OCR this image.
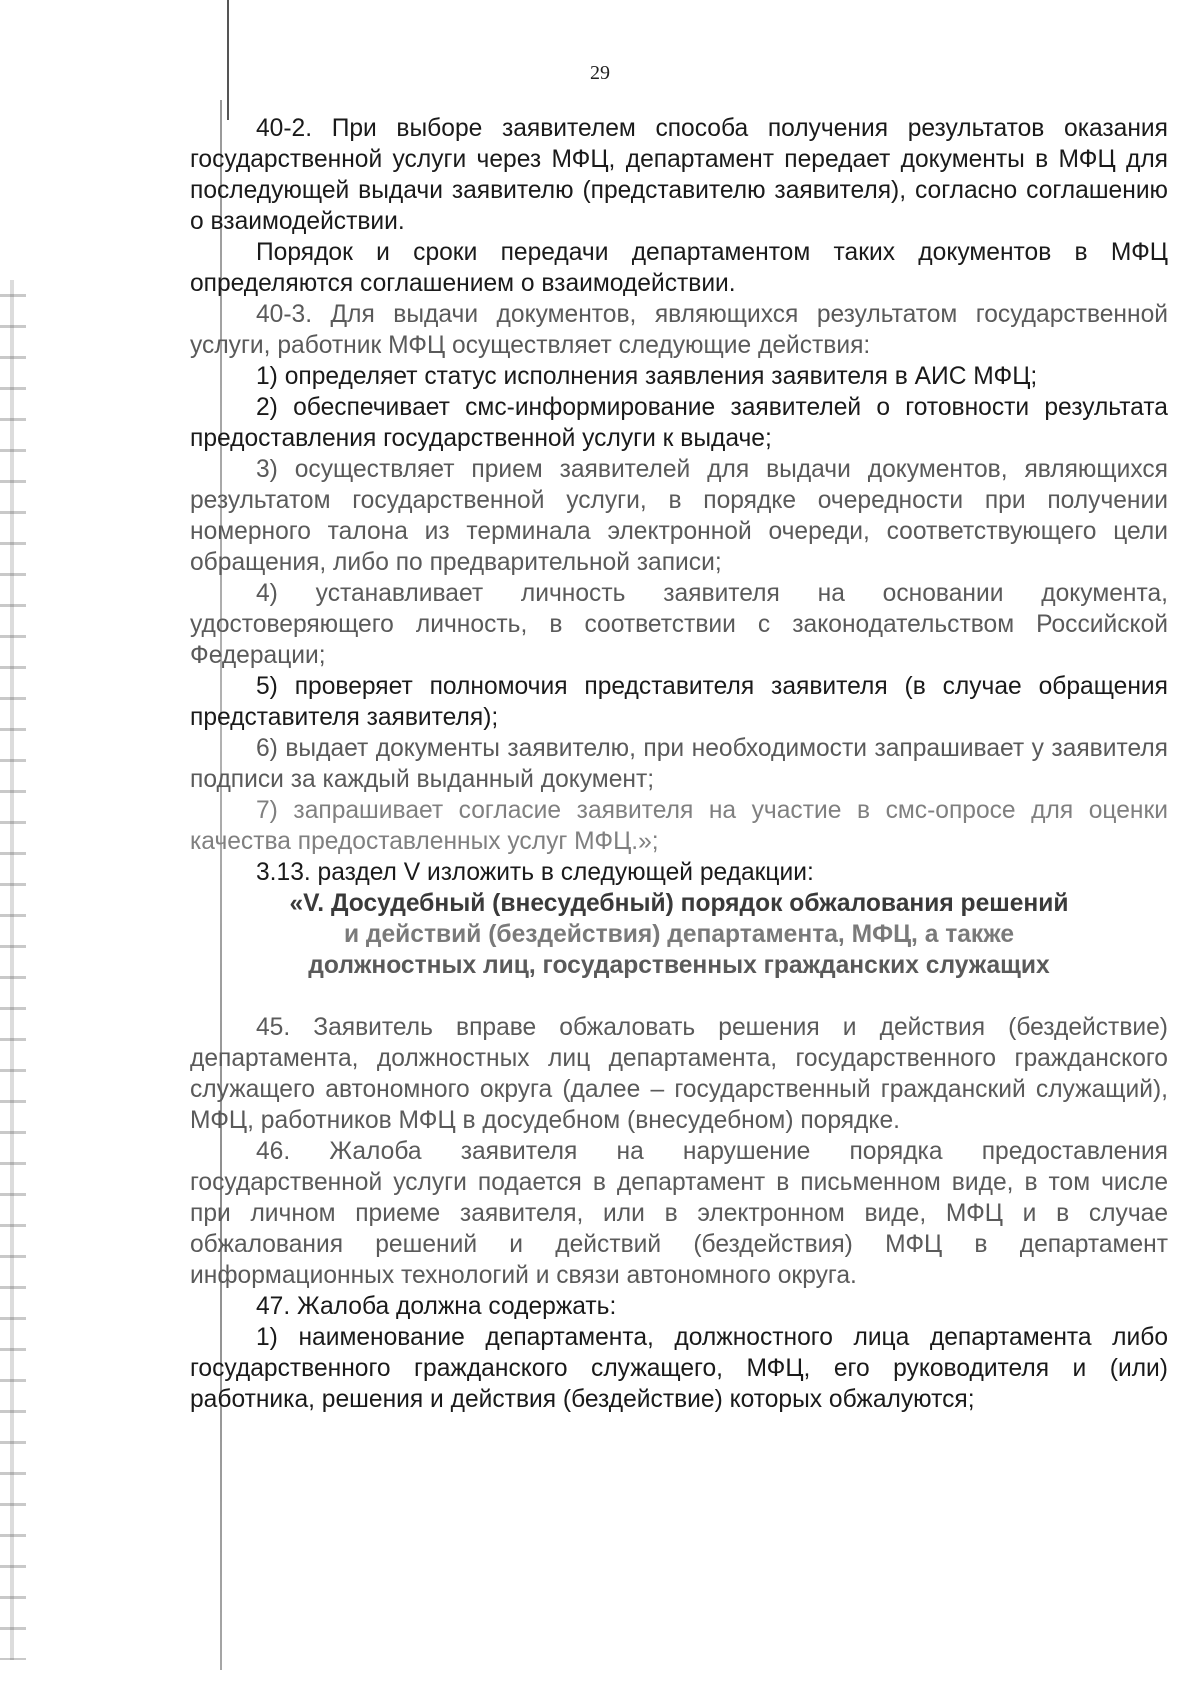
29

40-2. При выборе заявителем способа получения результатов оказания государственной услуги через МФЦ, департамент передает документы в МФЦ для последующей выдачи заявителю (представителю заявителя), согласно соглашению о взаимодействии.

Порядок и сроки передачи департаментом таких документов в МФЦ определяются соглашением о взаимодействии.

40-3. Для выдачи документов, являющихся результатом государственной услуги, работник МФЦ осуществляет следующие действия:

1) определяет статус исполнения заявления заявителя в АИС МФЦ;

2) обеспечивает смс-информирование заявителей о готовности результата предоставления государственной услуги к выдаче;

3) осуществляет прием заявителей для выдачи документов, являющихся результатом государственной услуги, в порядке очередности при получении номерного талона из терминала электронной очереди, соответствующего цели обращения, либо по предварительной записи;

4) устанавливает личность заявителя на основании документа, удостоверяющего личность, в соответствии с законодательством Российской Федерации;

5) проверяет полномочия представителя заявителя (в случае обращения представителя заявителя);

6) выдает документы заявителю, при необходимости запрашивает у заявителя подписи за каждый выданный документ;

7) запрашивает согласие заявителя на участие в смс-опросе для оценки качества предоставленных услуг МФЦ.»;

3.13. раздел V изложить в следующей редакции:

«V. Досудебный (внесудебный) порядок обжалования решений

и действий (бездействия) департамента, МФЦ, а также

должностных лиц, государственных гражданских служащих

45. Заявитель вправе обжаловать решения и действия (бездействие) департамента, должностных лиц департамента, государственного гражданского служащего автономного округа (далее – государственный гражданский служащий), МФЦ, работников МФЦ в досудебном (внесудебном) порядке.

46. Жалоба заявителя на нарушение порядка предоставления государственной услуги подается в департамент в письменном виде, в том числе при личном приеме заявителя, или в электронном виде, МФЦ и в случае обжалования решений и действий (бездействия) МФЦ в департамент информационных технологий и связи автономного округа.

47. Жалоба должна содержать:

1) наименование департамента, должностного лица департамента либо государственного гражданского служащего, МФЦ, его руководителя и (или) работника, решения и действия (бездействие) которых обжалуются;
